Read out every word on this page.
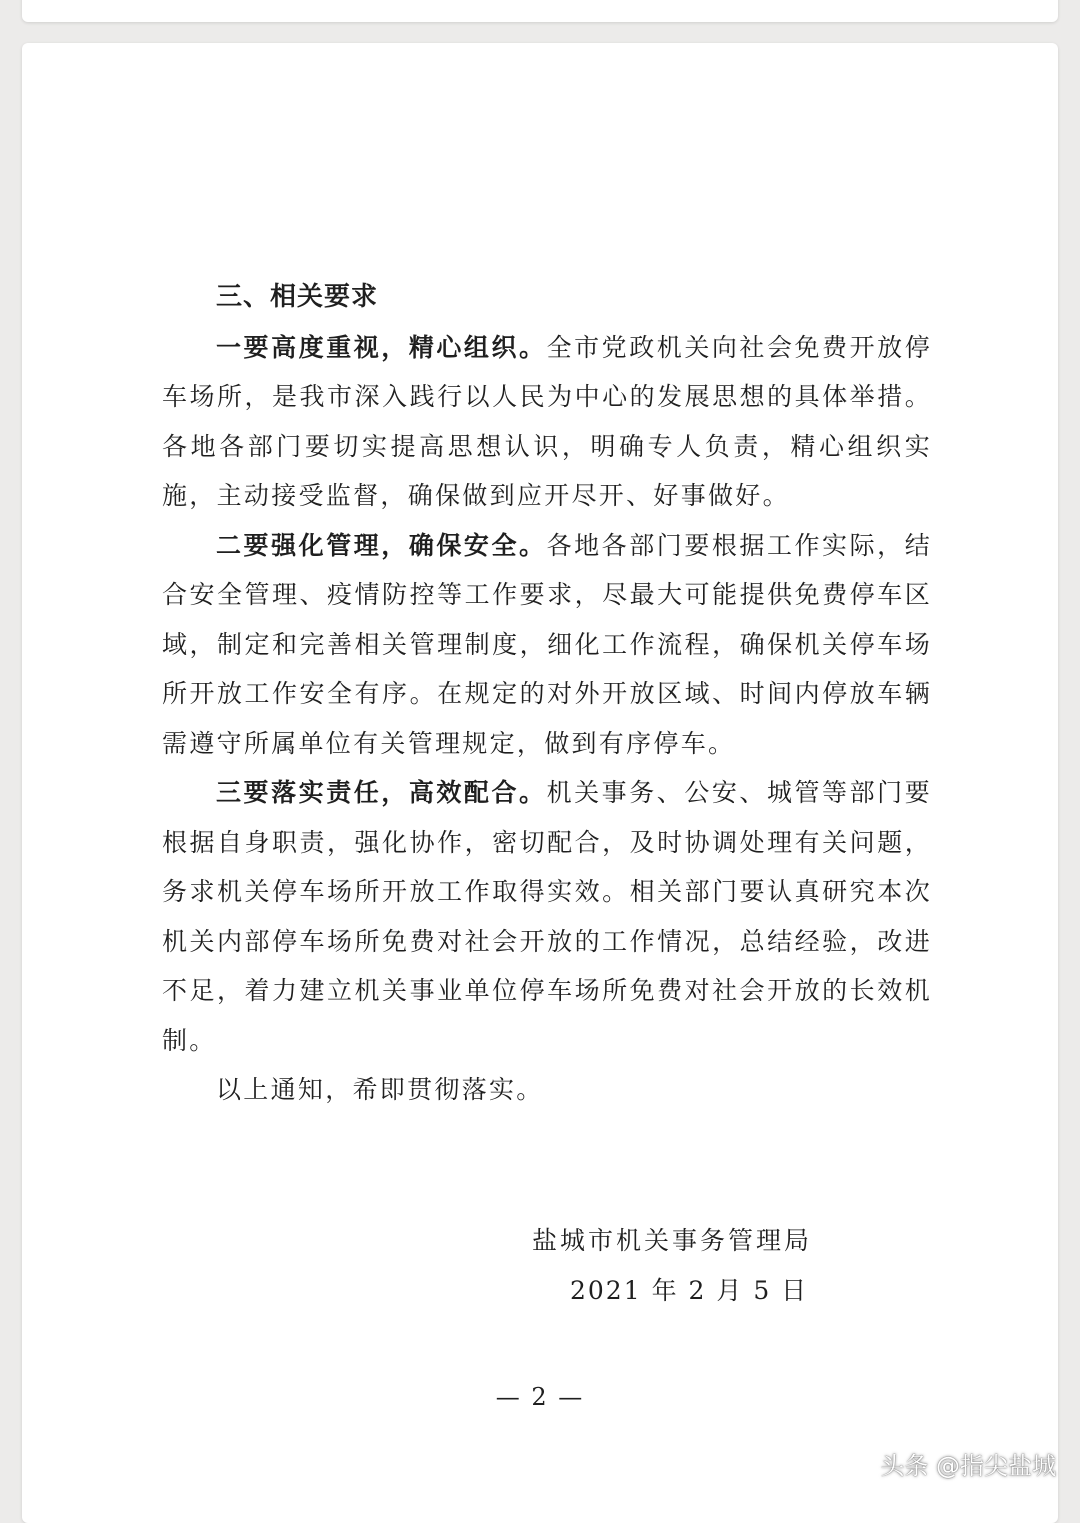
三、相关要求

一要高度重视，精心组织。全市党政机关向社会免费开放停车场所，是我市深入践行以人民为中心的发展思想的具体举措。各地各部门要切实提高思想认识，明确专人负责，精心组织实施，主动接受监督，确保做到应开尽开、好事做好。

二要强化管理，确保安全。各地各部门要根据工作实际，结合安全管理、疫情防控等工作要求，尽最大可能提供免费停车区域，制定和完善相关管理制度，细化工作流程，确保机关停车场所开放工作安全有序。在规定的对外开放区域、时间内停放车辆需遵守所属单位有关管理规定，做到有序停车。

三要落实责任，高效配合。机关事务、公安、城管等部门要根据自身职责，强化协作，密切配合，及时协调处理有关问题，务求机关停车场所开放工作取得实效。相关部门要认真研究本次机关内部停车场所免费对社会开放的工作情况，总结经验，改进不足，着力建立机关事业单位停车场所免费对社会开放的长效机制。

以上通知，希即贯彻落实。

盐城市机关事务管理局
2021 年 2 月 5 日
— 2 —
头条 @指尖盐城
